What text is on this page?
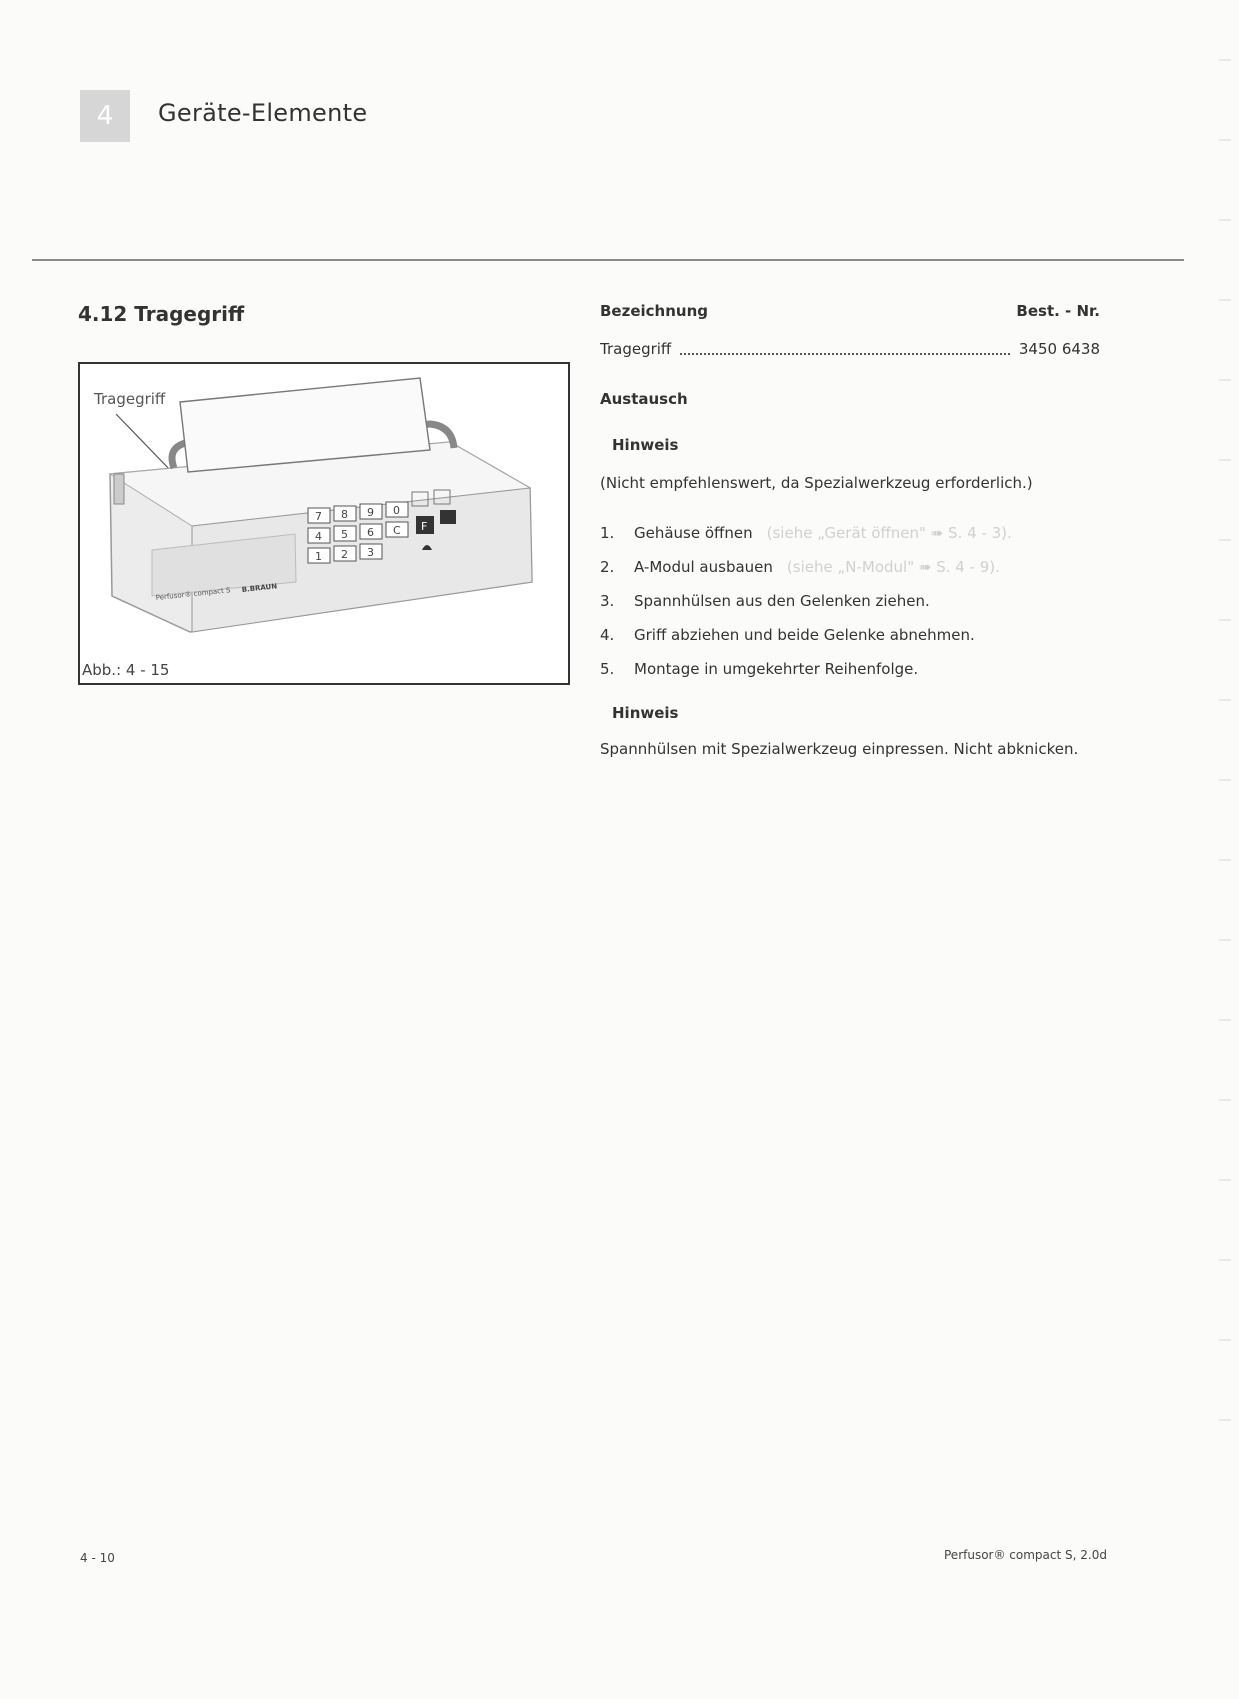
4	Geräte-Elemente
4.12 Tragegriff
7 8 9 0
4 5 6 C
1 2 3
F
Perfusor® compact S B.BRAUN
Tragegriff
Abb.: 4 - 15
Bezeichnung	Best. - Nr.
Tragegriff	3450 6438
Austausch
Hinweis
(Nicht empfehlenswert, da Spezialwerkzeug erforderlich.)
1. Gehäuse öffnen (siehe „Gerät öffnen" ➠ S. 4 - 3).
2. A-Modul ausbauen (siehe „N-Modul" ➠ S. 4 - 9).
3. Spannhülsen aus den Gelenken ziehen.
4. Griff abziehen und beide Gelenke abnehmen.
5. Montage in umgekehrter Reihenfolge.
Hinweis
Spannhülsen mit Spezialwerkzeug einpressen. Nicht abknicken.
4 - 10	Perfusor® compact S, 2.0d
